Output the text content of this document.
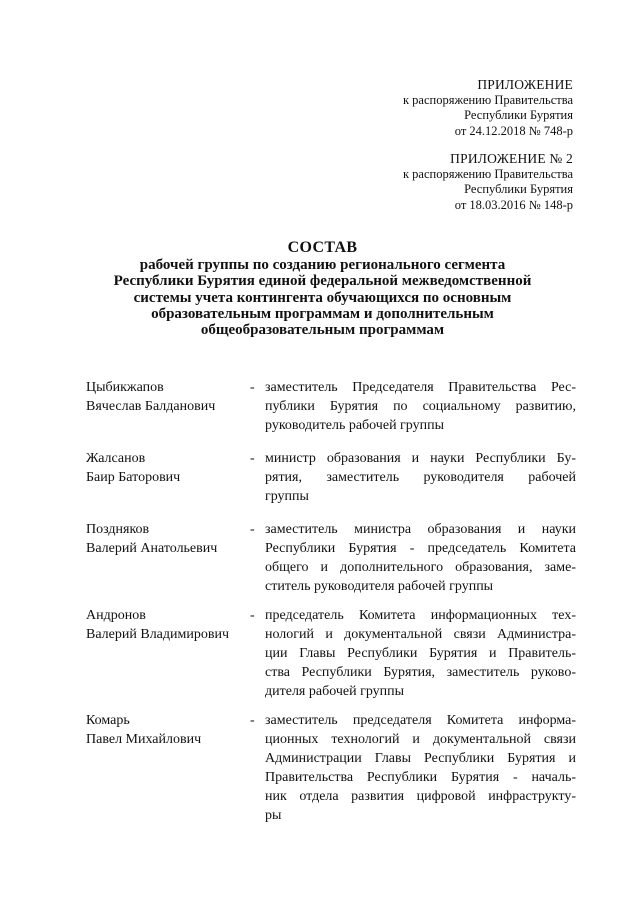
ПРИЛОЖЕНИЕ
к распоряжению Правительства
Республики Бурятия
от 24.12.2018 № 748-р
ПРИЛОЖЕНИЕ № 2
к распоряжению Правительства
Республики Бурятия
от 18.03.2016 № 148-р
СОСТАВ
рабочей группы по созданию регионального сегмента
Республики Бурятия единой федеральной межведомственной
системы учета контингента обучающихся по основным
образовательным программам и дополнительным
общеобразовательным программам
Цыбикжапов
Вячеслав Балданович
- заместитель Председателя Правительства Рес-
публики Бурятия по социальному развитию,
руководитель рабочей группы
Жалсанов
Баир Баторович
- министр образования и науки Республики Бу-
рятия, заместитель руководителя рабочей
группы
Поздняков
Валерий Анатольевич
- заместитель министра образования и науки
Республики Бурятия - председатель Комитета
общего и дополнительного образования, заме-
ститель руководителя рабочей группы
Андронов
Валерий Владимирович
- председатель Комитета информационных тех-
нологий и документальной связи Администра-
ции Главы Республики Бурятия и Правитель-
ства Республики Бурятия, заместитель руково-
дителя рабочей группы
Комарь
Павел Михайлович
- заместитель председателя Комитета информа-
ционных технологий и документальной связи
Администрации Главы Республики Бурятия и
Правительства Республики Бурятия - началь-
ник отдела развития цифровой инфраструкту-
ры
